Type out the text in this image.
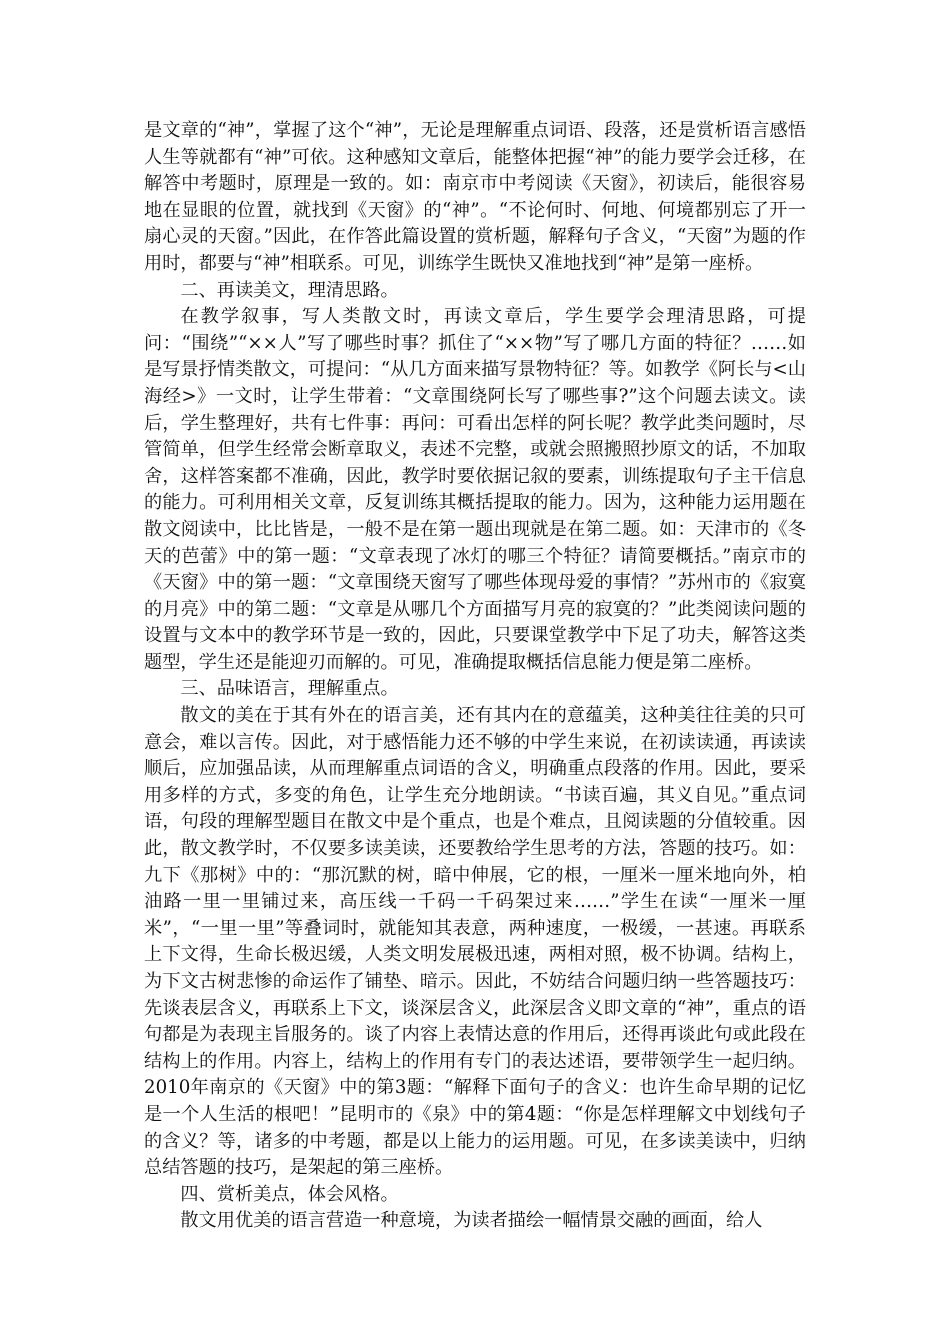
是文章的“神”，掌握了这个“神”，无论是理解重点词语、段落，还是赏析语言感悟人生等就都有“神”可依。这种感知文章后，能整体把握“神”的能力要学会迁移，在解答中考题时，原理是一致的。如：南京市中考阅读《天窗》，初读后，能很容易地在显眼的位置，就找到《天窗》的“神”。“不论何时、何地、何境都别忘了开一扇心灵的天窗。”因此，在作答此篇设置的赏析题，解释句子含义，“天窗”为题的作用时，都要与“神”相联系。可见，训练学生既快又准地找到“神”是第一座桥。

二、再读美文，理清思路。

在教学叙事，写人类散文时，再读文章后，学生要学会理清思路，可提问：“围绕”“××人”写了哪些时事？抓住了“××物”写了哪几方面的特征？……如是写景抒情类散文，可提问：“从几方面来描写景物特征？等。如教学《阿长与<山海经>》一文时，让学生带着：“文章围绕阿长写了哪些事?”这个问题去读文。读后，学生整理好，共有七件事：再问：可看出怎样的阿长呢？教学此类问题时，尽管简单，但学生经常会断章取义，表述不完整，或就会照搬照抄原文的话，不加取舍，这样答案都不准确，因此，教学时要依据记叙的要素，训练提取句子主干信息的能力。可利用相关文章，反复训练其概括提取的能力。因为，这种能力运用题在散文阅读中，比比皆是，一般不是在第一题出现就是在第二题。如：天津市的《冬天的芭蕾》中的第一题：“文章表现了冰灯的哪三个特征？请简要概括。”南京市的《天窗》中的第一题：“文章围绕天窗写了哪些体现母爱的事情？”苏州市的《寂寞的月亮》中的第二题：“文章是从哪几个方面描写月亮的寂寞的？”此类阅读问题的设置与文本中的教学环节是一致的，因此，只要课堂教学中下足了功夫，解答这类题型，学生还是能迎刃而解的。可见，准确提取概括信息能力便是第二座桥。

三、品味语言，理解重点。

散文的美在于其有外在的语言美，还有其内在的意蕴美，这种美往往美的只可意会，难以言传。因此，对于感悟能力还不够的中学生来说，在初读读通，再读读顺后，应加强品读，从而理解重点词语的含义，明确重点段落的作用。因此，要采用多样的方式，多变的角色，让学生充分地朗读。“书读百遍，其义自见。”重点词语，句段的理解型题目在散文中是个重点，也是个难点，且阅读题的分值较重。因此，散文教学时，不仅要多读美读，还要教给学生思考的方法，答题的技巧。如：九下《那树》中的：“那沉默的树，暗中伸展，它的根，一厘米一厘米地向外，柏油路一里一里铺过来，高压线一千码一千码架过来……”学生在读“一厘米一厘米”，“一里一里”等叠词时，就能知其表意，两种速度，一极缓，一甚速。再联系上下文得，生命长极迟缓，人类文明发展极迅速，两相对照，极不协调。结构上，为下文古树悲惨的命运作了铺垫、暗示。因此，不妨结合问题归纳一些答题技巧：先谈表层含义，再联系上下文，谈深层含义，此深层含义即文章的“神”，重点的语句都是为表现主旨服务的。谈了内容上表情达意的作用后，还得再谈此句或此段在结构上的作用。内容上，结构上的作用有专门的表达述语，要带领学生一起归纳。2010年南京的《天窗》中的第3题：“解释下面句子的含义：也许生命早期的记忆是一个人生活的根吧！”昆明市的《泉》中的第4题：“你是怎样理解文中划线句子的含义？等，诸多的中考题，都是以上能力的运用题。可见，在多读美读中，归纳总结答题的技巧，是架起的第三座桥。

四、赏析美点，体会风格。

散文用优美的语言营造一种意境，为读者描绘一幅情景交融的画面，给人
